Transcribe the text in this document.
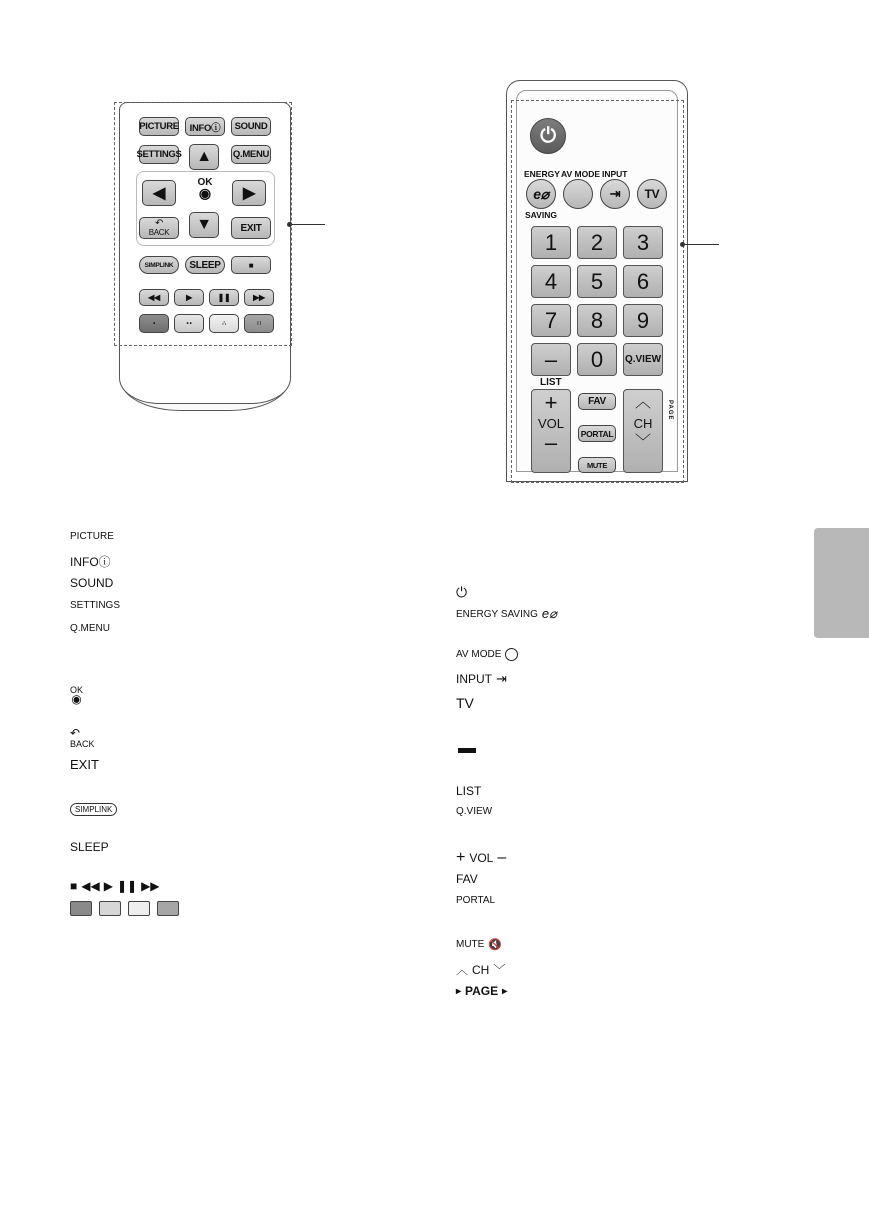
PICTURE	INFOⓘ	SOUND
SETTINGS	Q.MENU
▲
◀	▶
OK
◉
▼
↶
BACK	EXIT
SIMPLINK	SLEEP	■
◀◀	▶	❚❚	▶▶
•	• •	∴	∷
⏻
ENERGY AV MODE INPUT
e⌀	⇥	TV
SAVING
1	2	3
4	5	6
7	8	9
–	0	Q.VIEW
LIST
+
VOL
–
FAV
PORTAL
MUTE
︿
CH
﹀
PAGE
PICTURE
INFOⓘ
SOUND
SETTINGS
Q.MENU
OK
◉
↶
BACK
EXIT
SIMPLINK
SLEEP
■ ◀◀ ▶ ❚❚ ▶▶
⏻
ENERGY SAVING e⌀
AV MODE
INPUT ⇥
TV
LIST
Q.VIEW
+ VOL –
FAV
PORTAL
MUTE 🔇
︿ CH ﹀
▸ PAGE ▸
